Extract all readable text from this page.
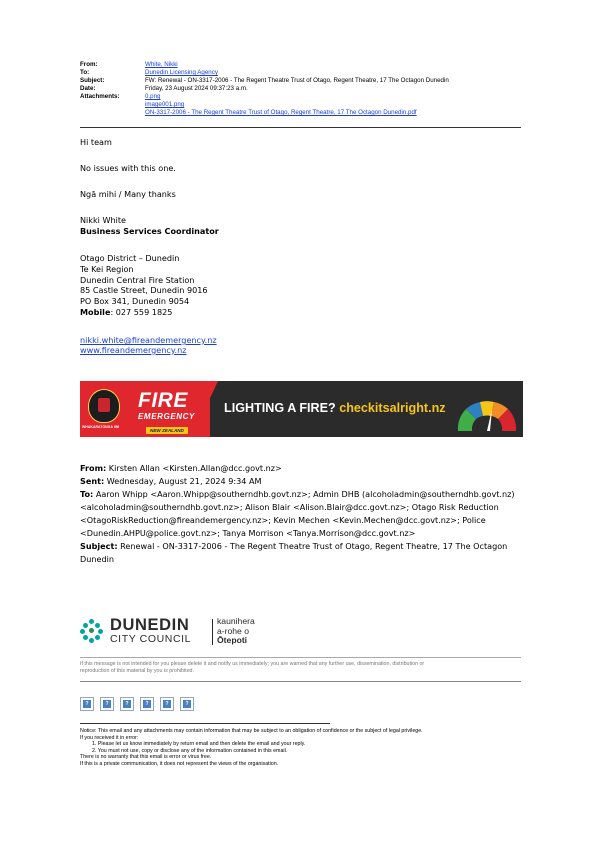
From:	White, Nikki
To:	Dunedin Licensing Agency
Subject:	FW: Renewal - ON-3317-2006 - The Regent Theatre Trust of Otago, Regent Theatre, 17 The Octagon Dunedin
Date:	Friday, 23 August 2024 09:37:23 a.m.
Attachments:	0.png
image001.png
ON-3317-2006 - The Regent Theatre Trust of Otago, Regent Theatre, 17 The Octagon Dunedin.pdf
Hi team
No issues with this one.
Ngā mihi / Many thanks
Nikki White
Business Services Coordinator
Otago District – Dunedin
Te Kei Region
Dunedin Central Fire Station
85 Castle Street, Dunedin 9016
PO Box 341, Dunedin 9054
Mobile: 027 559 1825
nikki.white@fireandemergency.nz
www.fireandemergency.nz
WHAKARATONGA IWI
FIRE
EMERGENCY
NEW ZEALAND
LIGHTING A FIRE? checkitsalright.nz
From: Kirsten Allan <Kirsten.Allan@dcc.govt.nz>
Sent: Wednesday, August 21, 2024 9:34 AM
To: Aaron Whipp <Aaron.Whipp@southerndhb.govt.nz>; Admin DHB (alcoholadmin@southerndhb.govt.nz)
<alcoholadmin@southerndhb.govt.nz>; Alison Blair <Alison.Blair@dcc.govt.nz>; Otago Risk Reduction
<OtagoRiskReduction@fireandemergency.nz>; Kevin Mechen <Kevin.Mechen@dcc.govt.nz>; Police
<Dunedin.AHPU@police.govt.nz>; Tanya Morrison <Tanya.Morrison@dcc.govt.nz>
Subject: Renewal - ON-3317-2006 - The Regent Theatre Trust of Otago, Regent Theatre, 17 The Octagon
Dunedin
DUNEDIN
CITY COUNCIL
kaunihera
a-rohe o
Ōtepoti
If this message is not intended for you please delete it and notify us immediately; you are warned that any further use, dissemination, distribution or
reproduction of this material by you is prohibited.
?	?	?	?	?	?
Notice: This email and any attachments may contain information that may be subject to an obligation of confidence or the subject of legal privilege.
If you received it in error:
1. Please let us know immediately by return email and then delete the email and your reply.
2. You must not use, copy or disclose any of the information contained in this email.
There is no warranty that this email is error or virus free.
If this is a private communication, it does not represent the views of the organisation.
